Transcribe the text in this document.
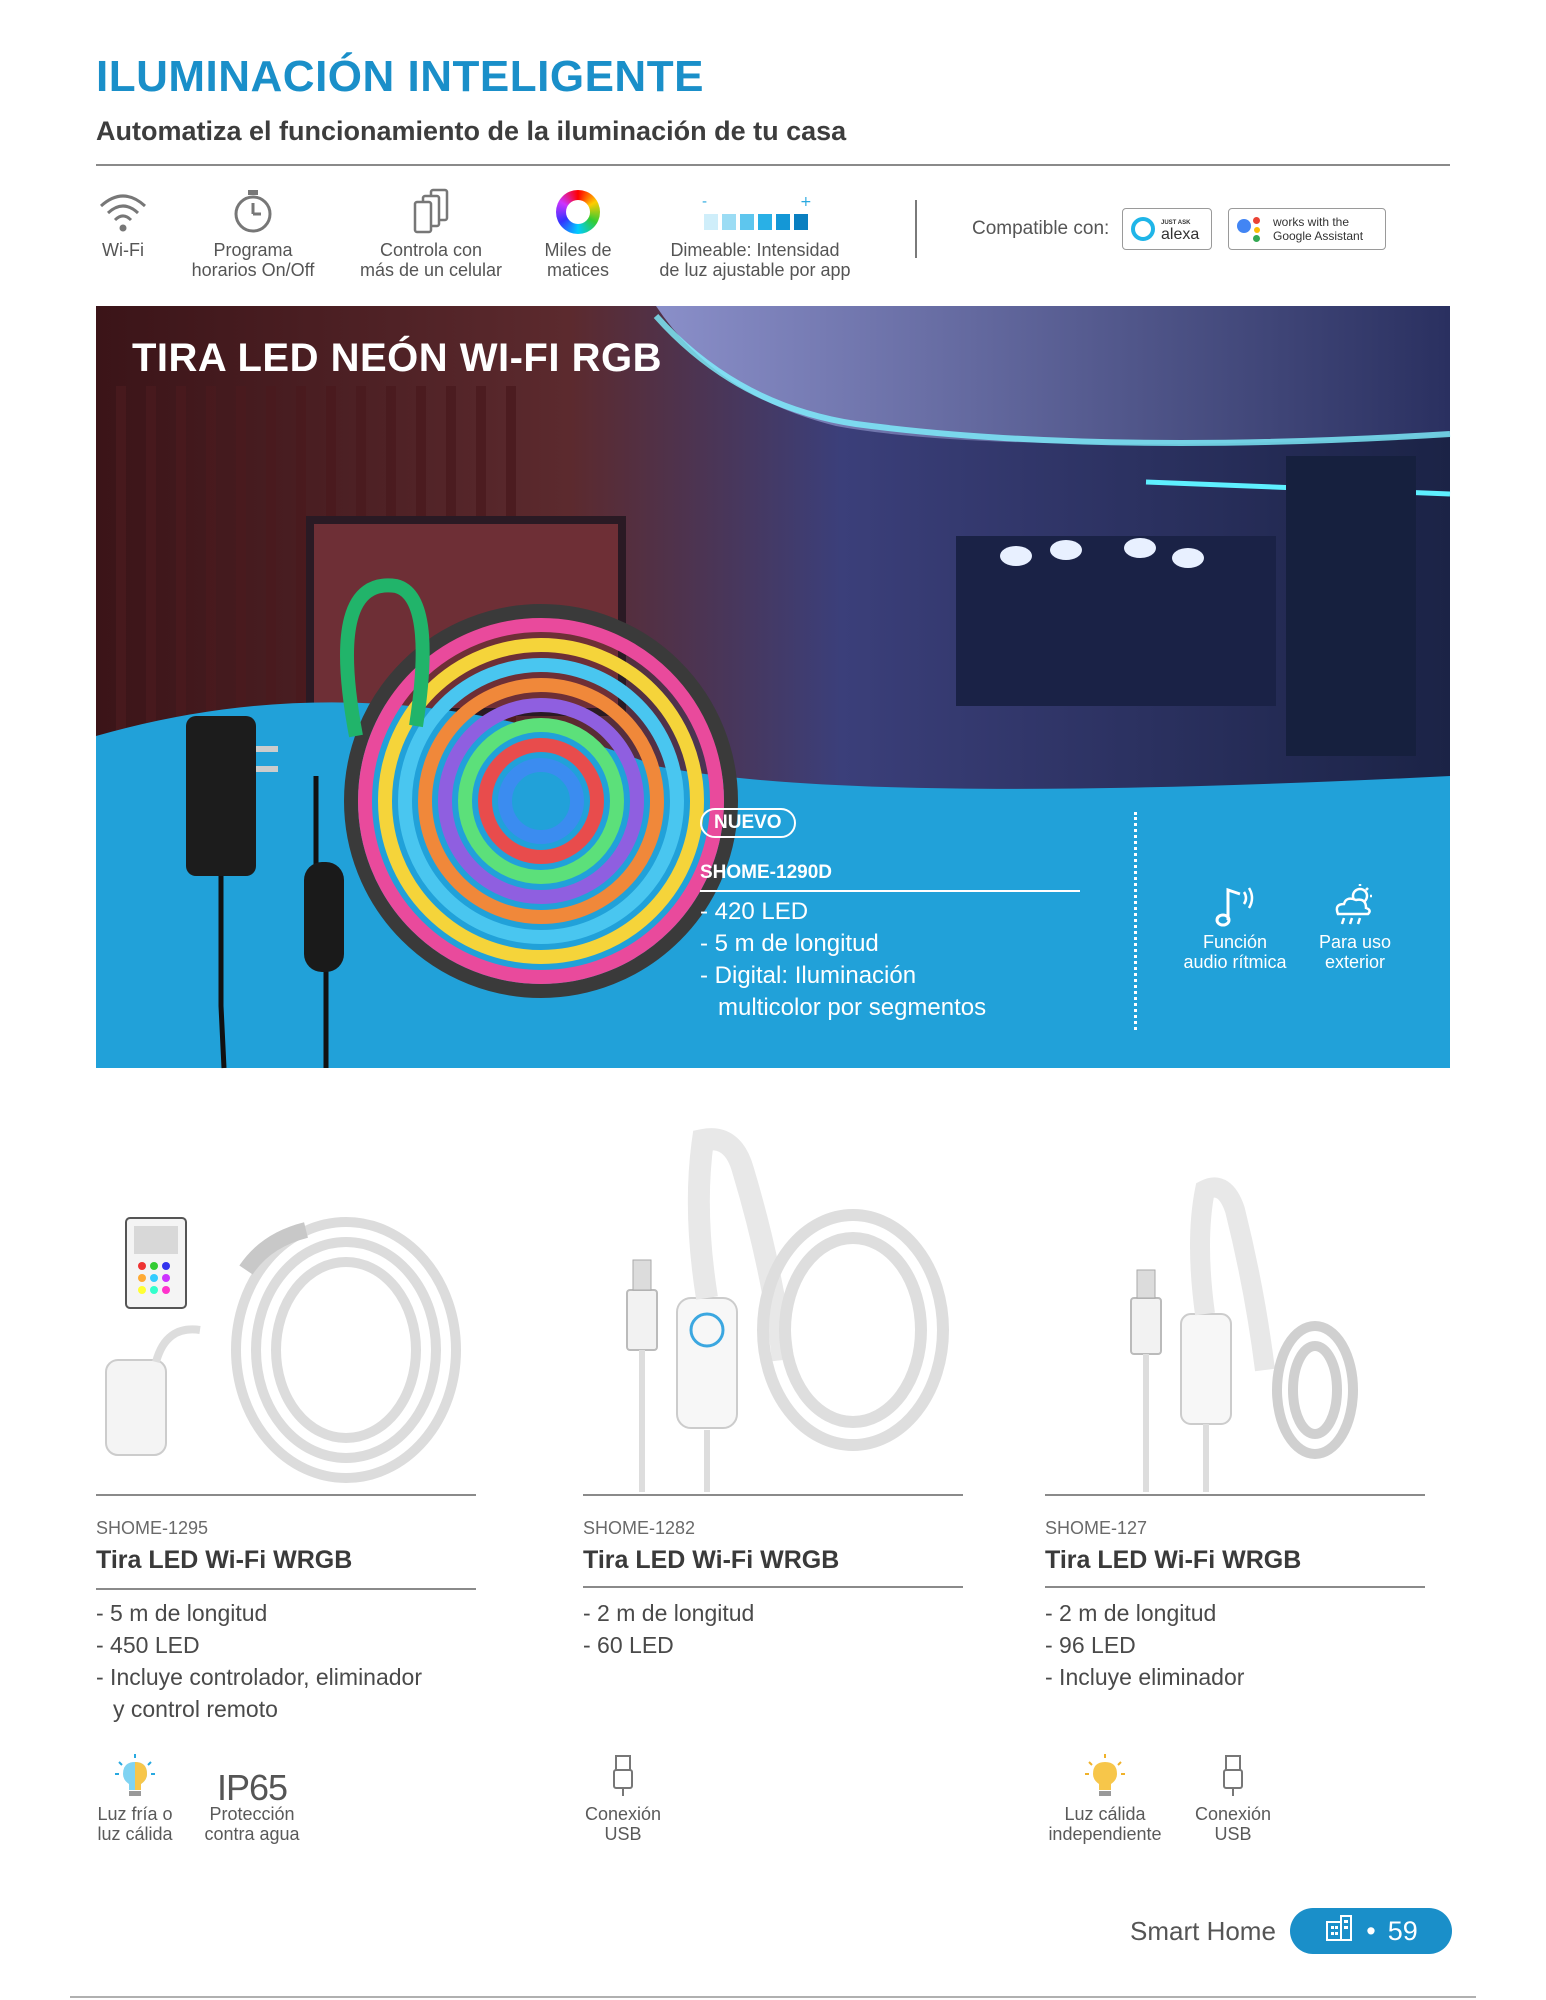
ILUMINACIÓN INTELIGENTE
Automatiza el funcionamiento de la iluminación de tu casa
Wi-Fi	Programa
horarios On/Off
Controla con
más de un celular
Miles de
matices
-	+
Dimeable: Intensidad
de luz ajustable por app
Compatible con:	JUST ASK
alexa
works with the
Google Assistant
TIRA LED NEÓN WI-FI RGB
NUEVO
SHOME-1290D
- 420 LED
- 5 m de longitud
- Digital: Iluminación
multicolor por segmentos
Función
audio rítmica
Para uso
exterior
SHOME-1295
Tira LED Wi-Fi WRGB
- 5 m de longitud
- 450 LED
- Incluye controlador, eliminador
y control remoto
Luz fría o
luz cálida
IP65
Protección
contra agua
SHOME-1282
Tira LED Wi-Fi WRGB
- 2 m de longitud
- 60 LED
Conexión
USB
SHOME-127
Tira LED Wi-Fi WRGB
- 2 m de longitud
- 96 LED
- Incluye eliminador
Luz cálida
independiente
Conexión
USB
Smart Home	• 59
